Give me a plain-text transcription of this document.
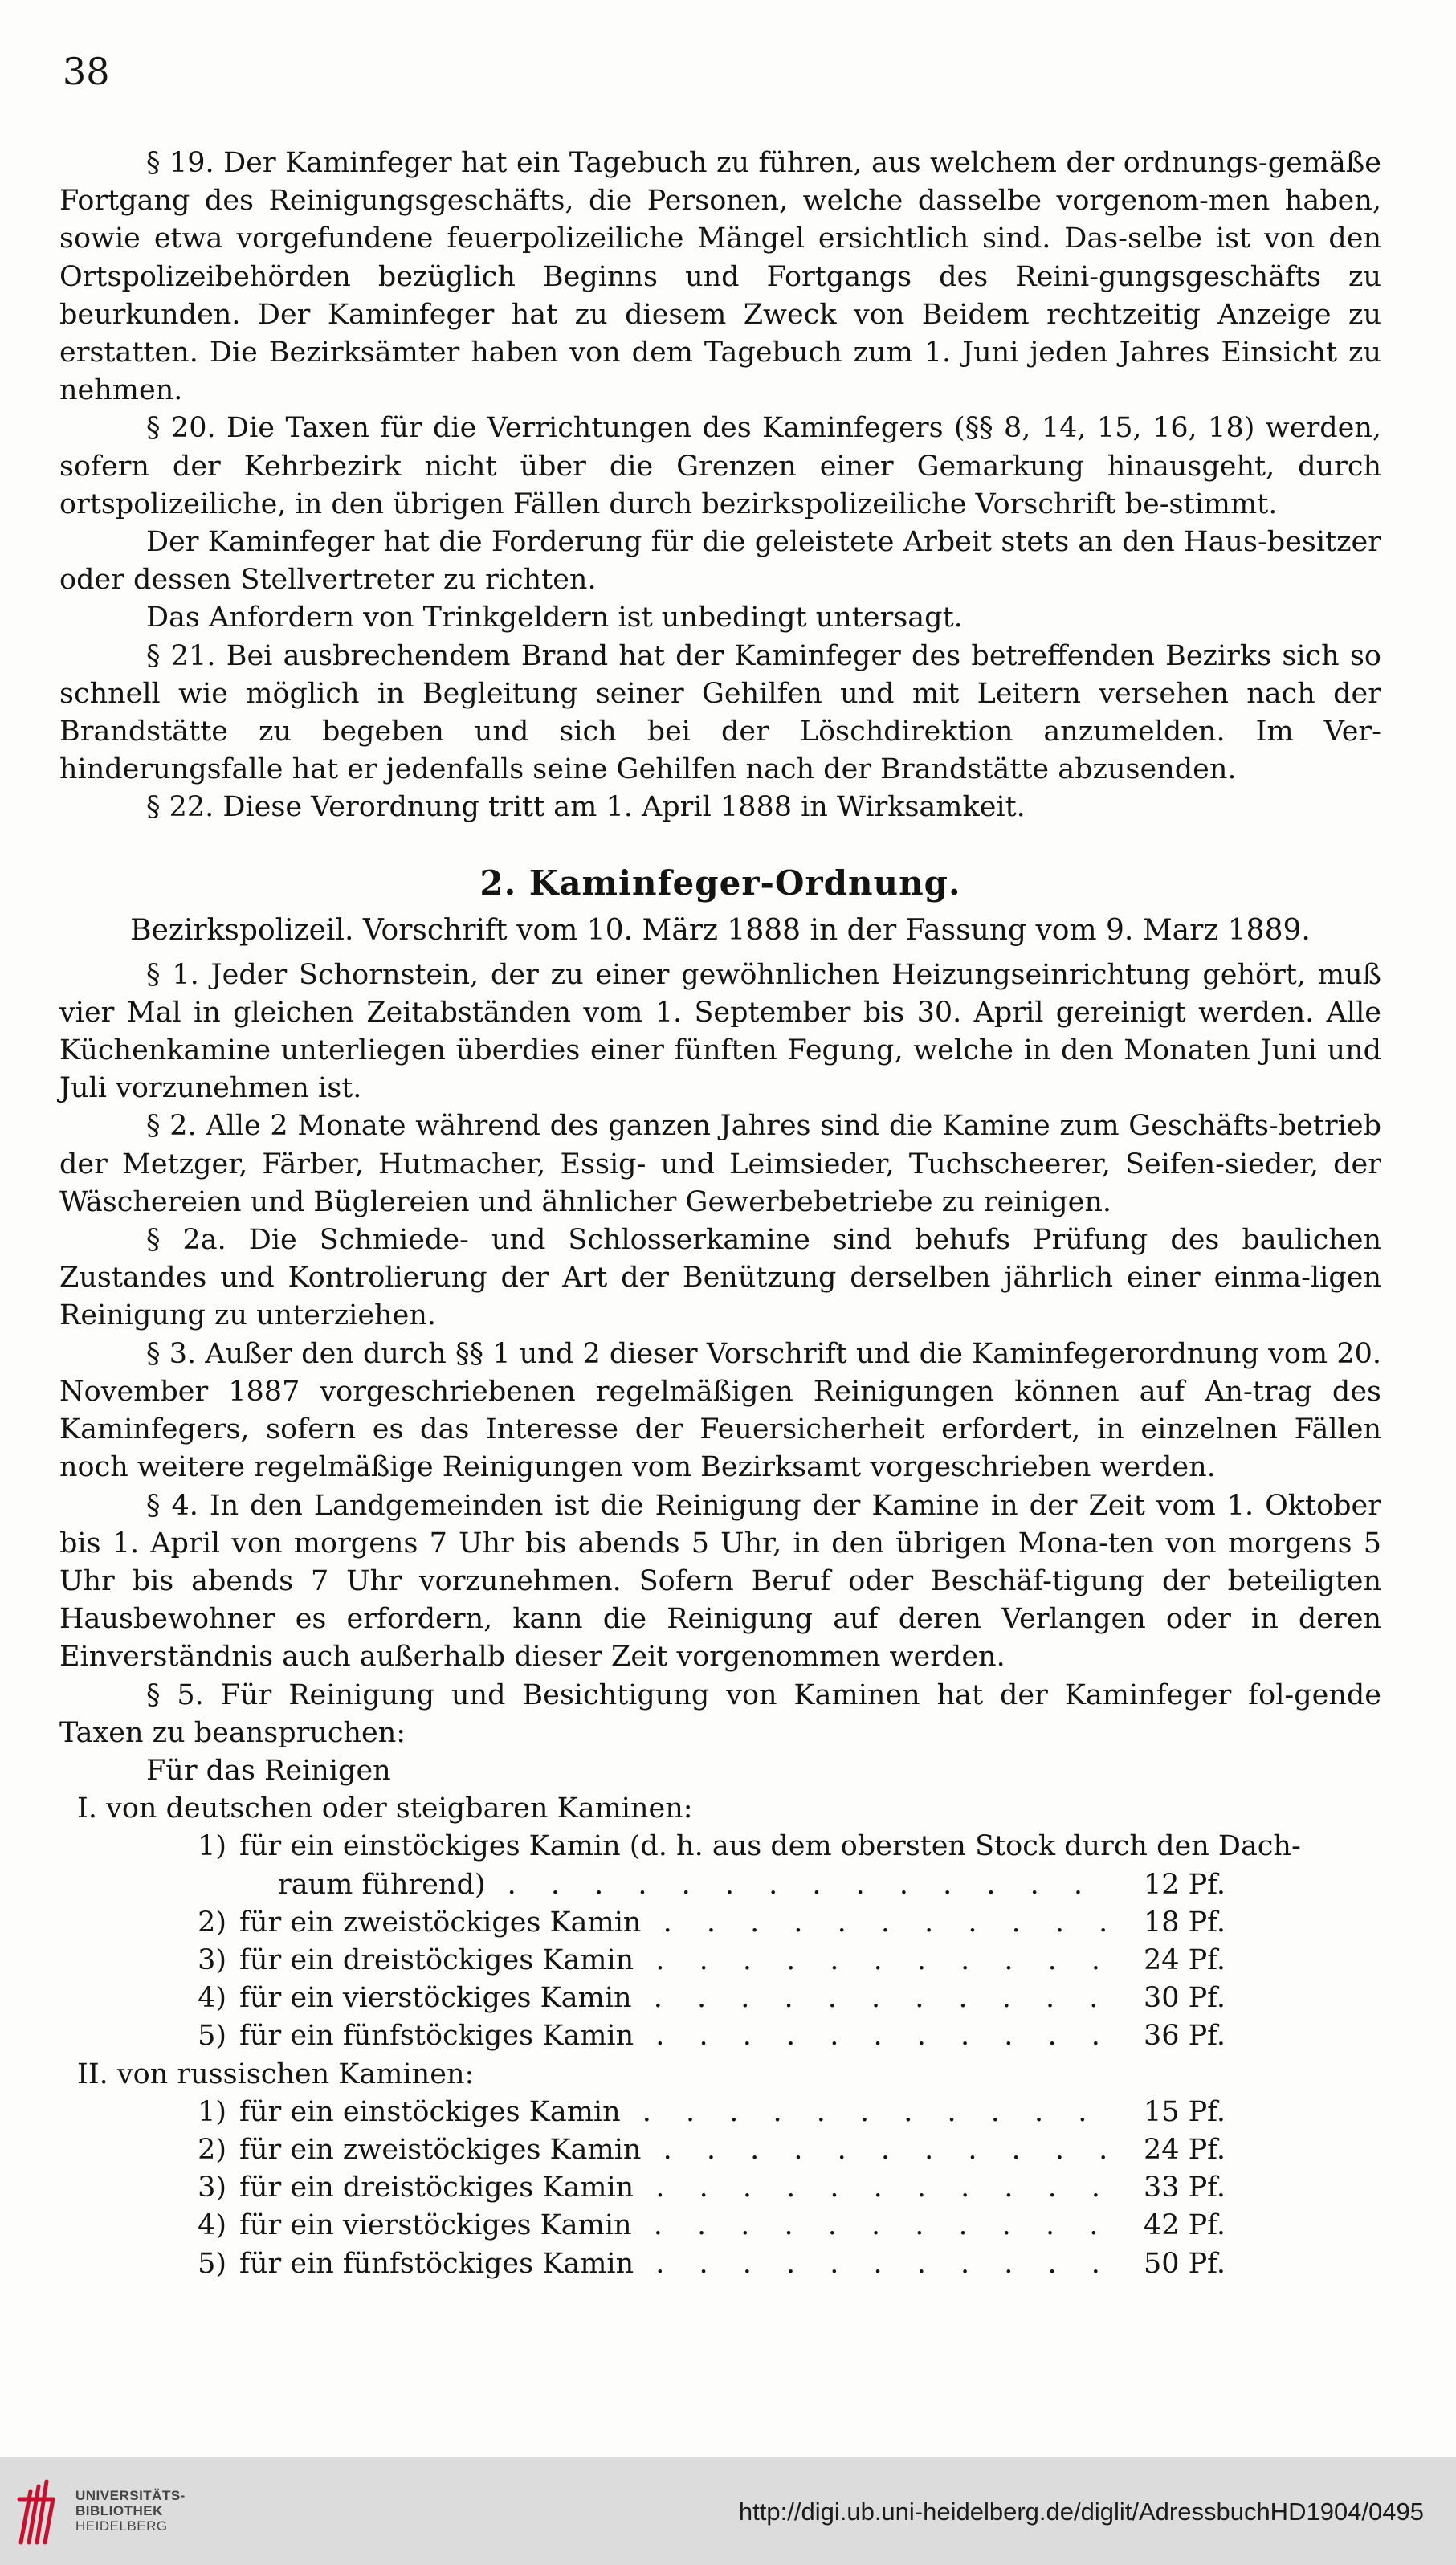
38

§ 19. Der Kaminfeger hat ein Tagebuch zu führen, aus welchem der ordnungs-gemäße Fortgang des Reinigungsgeschäfts, die Personen, welche dasselbe vorgenom-men haben, sowie etwa vorgefundene feuerpolizeiliche Mängel ersichtlich sind. Das-selbe ist von den Ortspolizeibehörden bezüglich Beginns und Fortgangs des Reini-gungsgeschäfts zu beurkunden. Der Kaminfeger hat zu diesem Zweck von Beidem rechtzeitig Anzeige zu erstatten. Die Bezirksämter haben von dem Tagebuch zum 1. Juni jeden Jahres Einsicht zu nehmen.

§ 20. Die Taxen für die Verrichtungen des Kaminfegers (§§ 8, 14, 15, 16, 18) werden, sofern der Kehrbezirk nicht über die Grenzen einer Gemarkung hinausgeht, durch ortspolizeiliche, in den übrigen Fällen durch bezirkspolizeiliche Vorschrift be-stimmt.

Der Kaminfeger hat die Forderung für die geleistete Arbeit stets an den Haus-besitzer oder dessen Stellvertreter zu richten.

Das Anfordern von Trinkgeldern ist unbedingt untersagt.

§ 21. Bei ausbrechendem Brand hat der Kaminfeger des betreffenden Bezirks sich so schnell wie möglich in Begleitung seiner Gehilfen und mit Leitern versehen nach der Brandstätte zu begeben und sich bei der Löschdirektion anzumelden. Im Ver-hinderungsfalle hat er jedenfalls seine Gehilfen nach der Brandstätte abzusenden.

§ 22. Diese Verordnung tritt am 1. April 1888 in Wirksamkeit.

2. Kaminfeger-Ordnung.
Bezirkspolizeil. Vorschrift vom 10. März 1888 in der Fassung vom 9. Marz 1889.

§ 1. Jeder Schornstein, der zu einer gewöhnlichen Heizungseinrichtung gehört, muß vier Mal in gleichen Zeitabständen vom 1. September bis 30. April gereinigt werden. Alle Küchenkamine unterliegen überdies einer fünften Fegung, welche in den Monaten Juni und Juli vorzunehmen ist.

§ 2. Alle 2 Monate während des ganzen Jahres sind die Kamine zum Geschäfts-betrieb der Metzger, Färber, Hutmacher, Essig- und Leimsieder, Tuchscheerer, Seifen-sieder, der Wäschereien und Büglereien und ähnlicher Gewerbebetriebe zu reinigen.

§ 2a. Die Schmiede- und Schlosserkamine sind behufs Prüfung des baulichen Zustandes und Kontrolierung der Art der Benützung derselben jährlich einer einma-ligen Reinigung zu unterziehen.

§ 3. Außer den durch §§ 1 und 2 dieser Vorschrift und die Kaminfegerordnung vom 20. November 1887 vorgeschriebenen regelmäßigen Reinigungen können auf An-trag des Kaminfegers, sofern es das Interesse der Feuersicherheit erfordert, in einzelnen Fällen noch weitere regelmäßige Reinigungen vom Bezirksamt vorgeschrieben werden.

§ 4. In den Landgemeinden ist die Reinigung der Kamine in der Zeit vom 1. Oktober bis 1. April von morgens 7 Uhr bis abends 5 Uhr, in den übrigen Mona-ten von morgens 5 Uhr bis abends 7 Uhr vorzunehmen. Sofern Beruf oder Beschäf-tigung der beteiligten Hausbewohner es erfordern, kann die Reinigung auf deren Verlangen oder in deren Einverständnis auch außerhalb dieser Zeit vorgenommen werden.

§ 5. Für Reinigung und Besichtigung von Kaminen hat der Kaminfeger fol-gende Taxen zu beanspruchen:

Für das Reinigen

I. von deutschen oder steigbaren Kaminen:

1) für ein einstöckiges Kamin (d. h. aus dem obersten Stock durch den Dach-
raum führend) . . .	12 Pf.
2) für ein zweistöckiges Kamin . . .	18 Pf.
3) für ein dreistöckiges Kamin . . .	24 Pf.
4) für ein vierstöckiges Kamin . . .	30 Pf.
5) für ein fünfstöckiges Kamin . . .	36 Pf.

II. von russischen Kaminen:

1) für ein einstöckiges Kamin . . .	15 Pf.
2) für ein zweistöckiges Kamin . . .	24 Pf.
3) für ein dreistöckiges Kamin . . .	33 Pf.
4) für ein vierstöckiges Kamin . . .	42 Pf.
5) für ein fünfstöckiges Kamin . . .	50 Pf.
UNIVERSITÄTS-
BIBLIOTHEK
HEIDELBERG
http://digi.ub.uni-heidelberg.de/diglit/AdressbuchHD1904/0495
